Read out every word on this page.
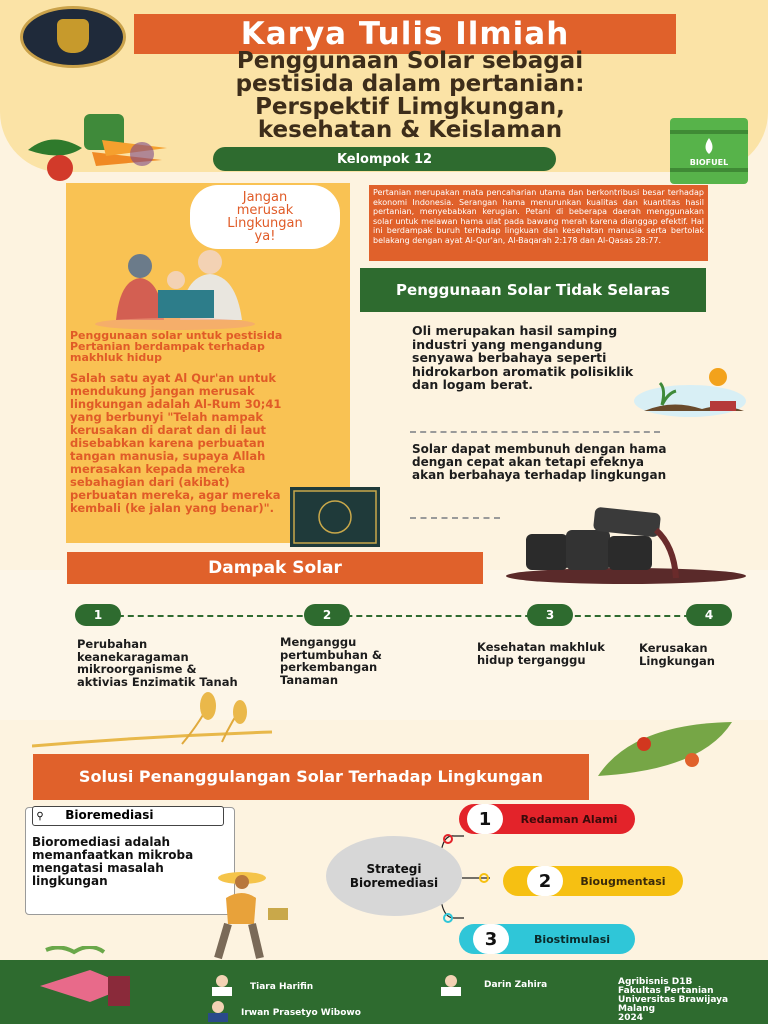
Karya Tulis Ilmiah
Penggunaan Solar sebagai
pestisida dalam pertanian:
Perspektif Limgkungan,
kesehatan & Keislaman
BIOFUEL
Kelompok 12
Jangan
merusak
Lingkungan
ya!
Penggunaan solar untuk pestisida Pertanian berdampak terhadap makhluk hidup
Salah satu ayat Al Qur'an untuk mendukung jangan merusak lingkungan adalah Al-Rum 30;41 yang berbunyi "Telah nampak kerusakan di darat dan di laut disebabkan karena perbuatan tangan manusia, supaya Allah merasakan kepada mereka sebahagian dari (akibat) perbuatan mereka, agar mereka kembali (ke jalan yang benar)".
Pertanian merupakan mata pencaharian utama dan berkontribusi besar terhadap ekonomi Indonesia. Serangan hama menurunkan kualitas dan kuantitas hasil pertanian, menyebabkan kerugian. Petani di beberapa daerah menggunakan solar untuk melawan hama ulat pada bawang merah karena dianggap efektif. Hal ini berdampak buruh terhadap lingkuan dan kesehatan manusia serta bertolak belakang dengan ayat Al-Qur'an, Al-Baqarah 2:178 dan Al-Qasas 28:77.
Penggunaan Solar Tidak Selaras
Oli merupakan hasil samping industri yang mengandung senyawa berbahaya seperti hidrokarbon aromatik polisiklik dan logam berat.
Solar dapat membunuh dengan hama dengan cepat akan tetapi efeknya akan berbahaya terhadap lingkungan
Dampak Solar
1	2	3	4
Perubahan keanekaragaman mikroorganisme & aktivias Enzimatik Tanah
Menganggu pertumbuhan & perkembangan Tanaman
Kesehatan makhluk hidup terganggu
Kerusakan Lingkungan
Solusi Penanggulangan Solar Terhadap Lingkungan
⚲ Bioremediasi
Bioromediasi adalah memanfaatkan mikroba mengatasi masalah lingkungan
Strategi Bioremediasi
1	Redaman Alami
2	Biougmentasi
3	Biostimulasi
Tiara Harifin	Darin Zahira
Irwan Prasetyo Wibowo
Agribisnis D1B
Fakultas Pertanian
Universitas Brawijaya
Malang
2024
